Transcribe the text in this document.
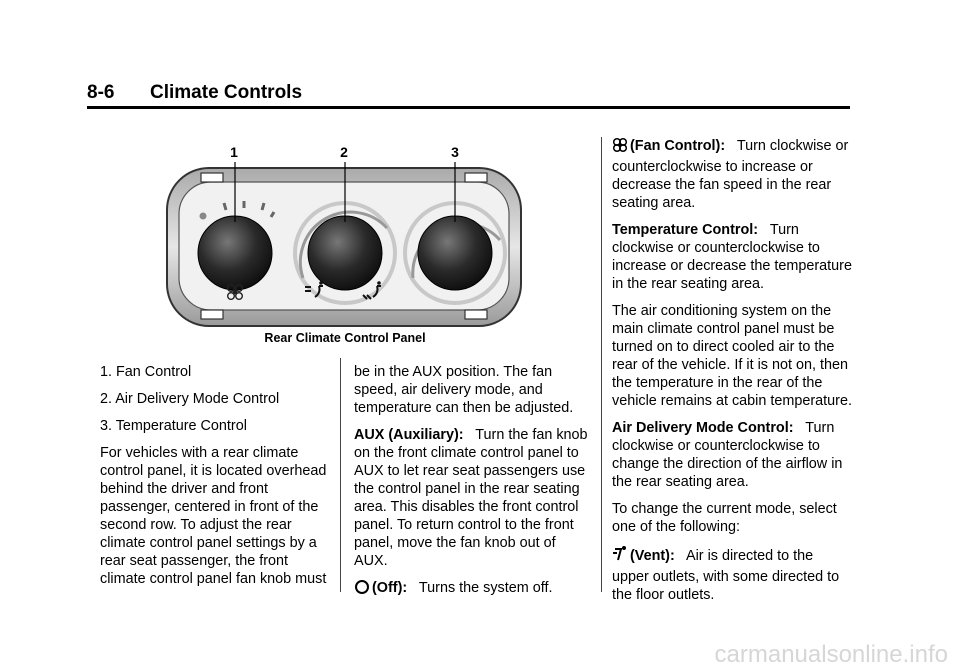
8-6 Climate Controls
1	2	3
Rear Climate Control Panel

1. Fan Control

2. Air Delivery Mode Control

3. Temperature Control

For vehicles with a rear climate control panel, it is located overhead behind the driver and front passenger, centered in front of the second row. To adjust the rear climate control panel settings by a rear seat passenger, the front climate control panel fan knob must

be in the AUX position. The fan speed, air delivery mode, and temperature can then be adjusted.

AUX (Auxiliary): Turn the fan knob on the front climate control panel to AUX to let rear seat passengers use the control panel in the rear seating area. This disables the front control panel. To return control to the front panel, move the fan knob out of AUX.

(Off): Turns the system off.

(Fan Control): Turn clockwise or counterclockwise to increase or decrease the fan speed in the rear seating area.

Temperature Control: Turn clockwise or counterclockwise to increase or decrease the temperature in the rear seating area.

The air conditioning system on the main climate control panel must be turned on to direct cooled air to the rear of the vehicle. If it is not on, then the temperature in the rear of the vehicle remains at cabin temperature.

Air Delivery Mode Control: Turn clockwise or counterclockwise to change the direction of the airflow in the rear seating area.

To change the current mode, select one of the following:

(Vent): Air is directed to the upper outlets, with some directed to the floor outlets.

carmanualsonline.info
